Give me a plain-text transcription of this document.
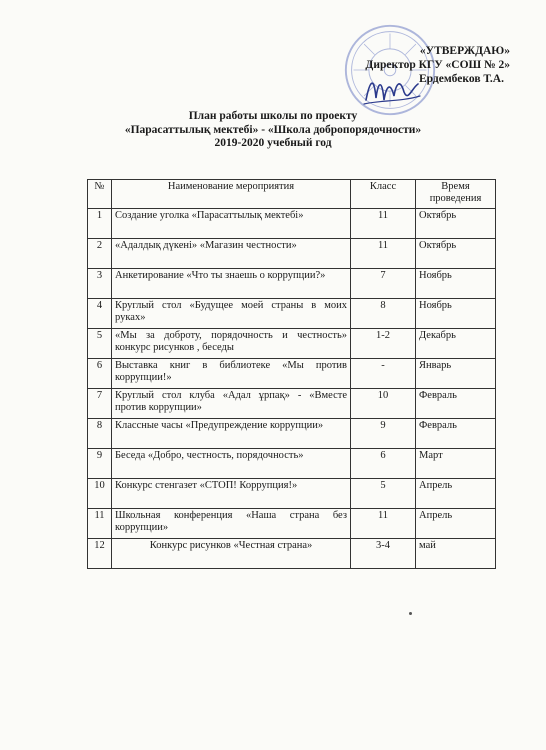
«УТВЕРЖДАЮ»
Директор КГУ «СОШ № 2»
Ердембеков Т.А.
План работы школы по проекту
«Парасаттылық мектебі» - «Школа добропорядочности»
2019-2020 учебный год
№	Наименование мероприятия	Класс	Время проведения
1	Создание уголка «Парасаттылық мектебі»	11	Октябрь
2	«Адалдық дүкені» «Магазин честности»	11	Октябрь
3	Анкетирование «Что ты знаешь о коррупции?»	7	Ноябрь
4	Круглый стол «Будущее моей страны в моих руках»	8	Ноябрь
5	«Мы за доброту, порядочность и честность» конкурс рисунков , беседы	1-2	Декабрь
6	Выставка книг в библиотеке «Мы против коррупции!»	-	Январь
7	Круглый стол клуба «Адал ұрпақ» - «Вместе против коррупции»	10	Февраль
8	Классные часы «Предупреждение коррупции»	9	Февраль
9	Беседа «Добро, честность, порядочность»	6	Март
10	Конкурс стенгазет «СТОП! Коррупция!»	5	Апрель
11	Школьная конференция «Наша страна без коррупции»	11	Апрель
12	Конкурс рисунков «Честная страна»	3-4	май
